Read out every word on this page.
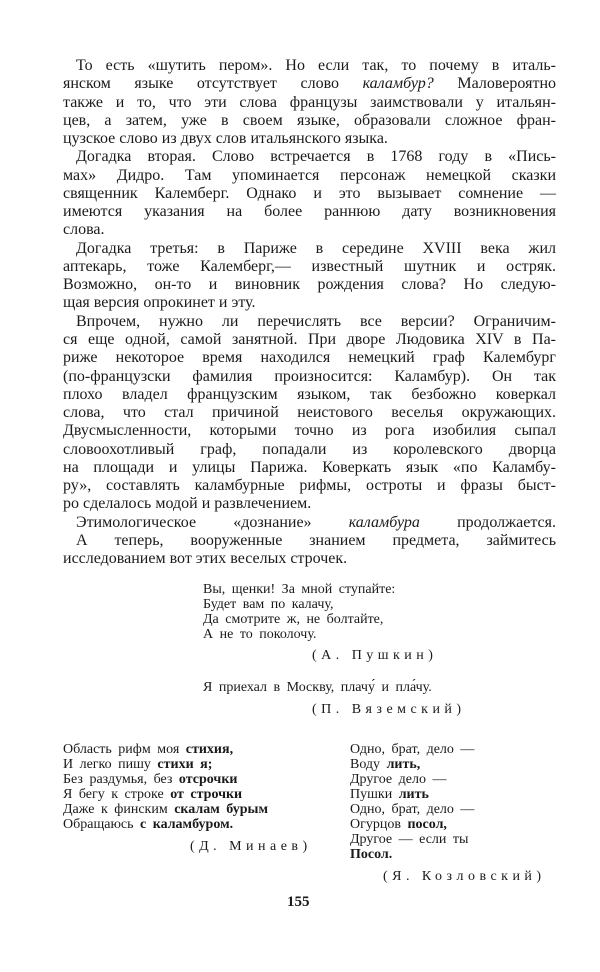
То есть «шутить пером». Но если так, то почему в италь-
янском языке отсутствует слово каламбур? Маловероятно
также и то, что эти слова французы заимствовали у итальян-
цев, а затем, уже в своем языке, образовали сложное фран-
цузское слово из двух слов итальянского языка.
Догадка вторая. Слово встречается в 1768 году в «Пись-
мах» Дидро. Там упоминается персонаж немецкой сказки
священник Калемберг. Однако и это вызывает сомнение —
имеются указания на более раннюю дату возникновения
слова.
Догадка третья: в Париже в середине XVIII века жил
аптекарь, тоже Калемберг,— известный шутник и остряк.
Возможно, он-то и виновник рождения слова? Но следую-
щая версия опрокинет и эту.
Впрочем, нужно ли перечислять все версии? Ограничим-
ся еще одной, самой занятной. При дворе Людовика XIV в Па-
риже некоторое время находился немецкий граф Калембург
(по-французски фамилия произносится: Каламбур). Он так
плохо владел французским языком, так безбожно коверкал
слова, что стал причиной неистового веселья окружающих.
Двусмысленности, которыми точно из рога изобилия сыпал
словоохотливый граф, попадали из королевского дворца
на площади и улицы Парижа. Коверкать язык «по Каламбу-
ру», составлять каламбурные рифмы, остроты и фразы быст-
ро сделалось модой и развлечением.
Этимологическое «дознание» каламбура продолжается.
А теперь, вооруженные знанием предмета, займитесь
исследованием вот этих веселых строчек.
Вы, щенки! За мной ступайте:
Будет вам по калачу,
Да смотрите ж, не болтайте,
А не то поколочу.
(А. Пушкин)
Я приехал в Москву, плачу́ и пла́чу.
(П. Вяземский)
Область рифм моя стихия,
И легко пишу стихи я;
Без раздумья, без отсрочки
Я бегу к строке от строчки
Даже к финским скалам бурым
Обращаюсь с каламбуром.
(Д. Минаев)
Одно, брат, дело —
Воду лить,
Другое дело —
Пушки лить
Одно, брат, дело —
Огурцов посол,
Другое — если ты
Посол.
(Я. Козловский)
155
